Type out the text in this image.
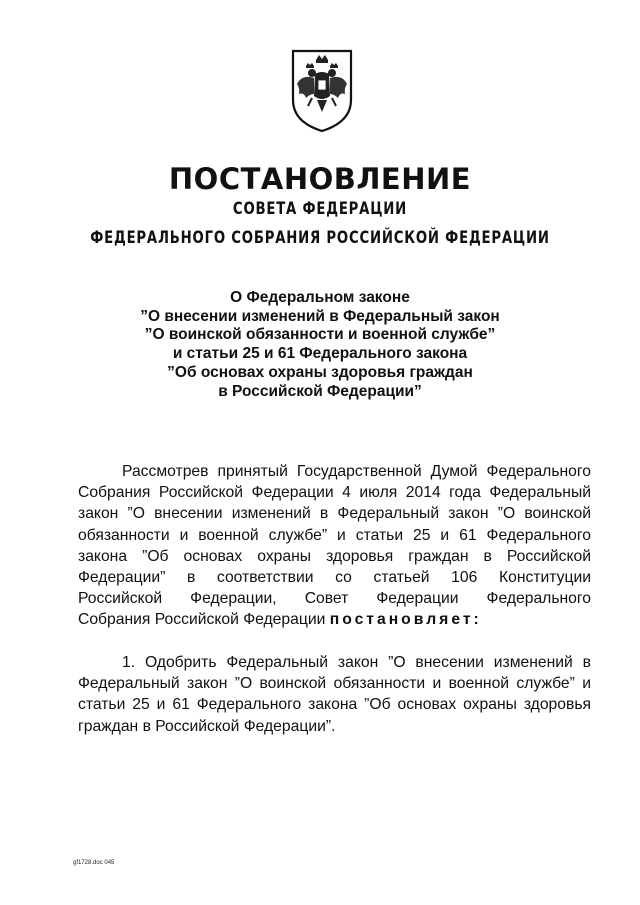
ПОСТАНОВЛЕНИЕ
СОВЕТА ФЕДЕРАЦИИ
ФЕДЕРАЛЬНОГО СОБРАНИЯ РОССИЙСКОЙ ФЕДЕРАЦИИ
О Федеральном законе
”О внесении изменений в Федеральный закон
”О воинской обязанности и военной службе”
и статьи 25 и 61 Федерального закона
”Об основах охраны здоровья граждан
в Российской Федерации”
Рассмотрев принятый Государственной Думой Федерального
Собрания Российской Федерации 4 июля 2014 года Федеральный
закон ”О внесении изменений в Федеральный закон ”О воинской
обязанности и военной службе” и статьи 25 и 61 Федерального
закона ”Об основах охраны здоровья граждан в Российской
Федерации” в соответствии со статьей 106 Конституции
Российской Федерации, Совет Федерации Федерального
Собрания Российской Федерации постановляет:
1. Одобрить Федеральный закон ”О внесении изменений в
Федеральный закон ”О воинской обязанности и военной службе” и
статьи 25 и 61 Федерального закона ”Об основах охраны здоровья
граждан в Российской Федерации”.
gf1728.doc 045
